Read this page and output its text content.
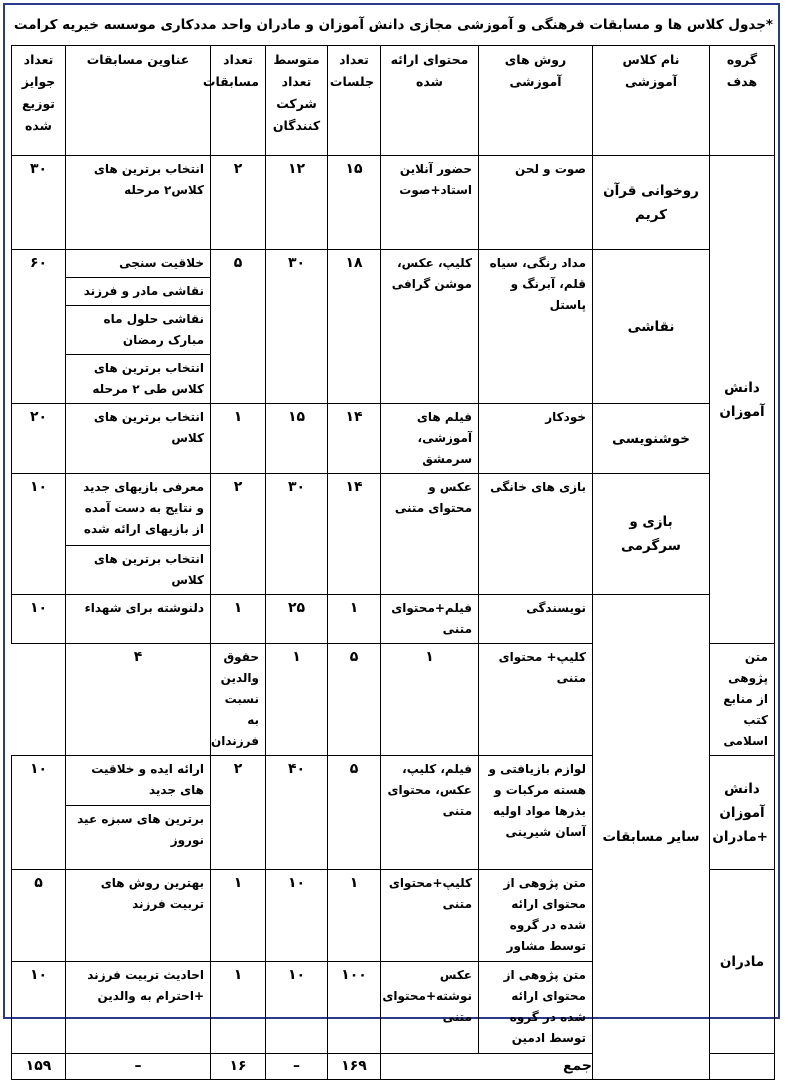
*جدول کلاس ها و مسابقات فرهنگی و آموزشی مجازی دانش آموزان و مادران واحد مددکاری موسسه خیریه کرامت
گروه هدف	نام کلاس آموزشی	روش های آموزشی	محتوای ارائه شده	تعداد جلسات	متوسط تعداد شرکت کنندگان	تعداد مسابقات	عناوین مسابقات	تعداد جوایز توزیع شده
دانش آموزان	روخوانی قرآن کریم	صوت و لحن	حضور آنلاین استاد+صوت	۱۵	۱۲	۲	انتخاب برترین های کلاس۲ مرحله	۳۰
	نقاشی	مداد رنگی، سیاه قلم، آبرنگ و پاستل	کلیپ، عکس، موشن گرافی	۱۸	۳۰	۵	خلاقیت سنجی	۶۰
							نقاشی مادر و فرزند	
							نقاشی حلول ماه مبارک رمضان	
							انتخاب برترین های کلاس طی ۲ مرحله	
	خوشنویسی	خودکار	فیلم های آموزشی، سرمشق	۱۴	۱۵	۱	انتخاب برترین های کلاس	۲۰
	بازی و سرگرمی	بازی های خانگی	عکس و محتوای متنی	۱۴	۳۰	۲	معرفی بازیهای جدید و نتایج به دست آمده از بازیهای ارائه شده	۱۰
							انتخاب برترین های کلاس	
	سایر مسابقات	نویسندگی	فیلم+محتوای متنی	۱	۲۵	۱	دلنوشته برای شهداء	۱۰
متن پژوهی از منابع کتب اسلامی		کلیپ+ محتوای متنی	۱	۵	۱	حقوق والدین نسبت به فرزندان	۴	
دانش آموزان +مادران		لوازم بازیافتی و هسته مرکبات و بذرها مواد اولیه آسان شیرینی	فیلم، کلیپ، عکس، محتوای متنی	۵	۴۰	۲	ارائه ایده و خلاقیت های جدید	۱۰
							برترین های سبزه عید نوروز	
مادران		متن پژوهی از محتوای ارائه شده در گروه توسط مشاور	کلیپ+محتوای متنی	۱	۱۰	۱	بهترین روش های تربیت فرزند	۵
		متن پژوهی از محتوای ارائه شده در گروه توسط ادمین	عکس نوشته+محتوای متنی	۱۰۰	۱۰	۱	احادیث تربیت فرزند +احترام به والدین	۱۰
جمع				۱۶۹	–	۱۶	–	۱۵۹
